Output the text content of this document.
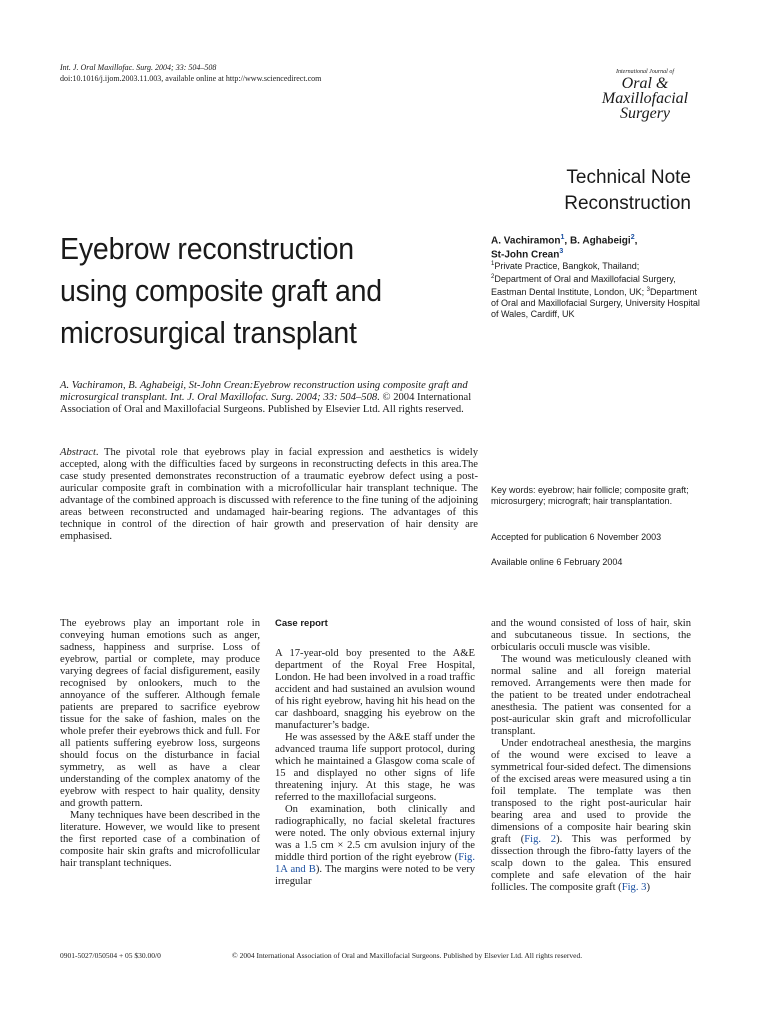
Int. J. Oral Maxillofac. Surg. 2004; 33: 504–508
doi:10.1016/j.ijom.2003.11.003, available online at http://www.sciencedirect.com
International Journal of
Oral &
Maxillofacial
Surgery
Technical Note
Reconstruction
Eyebrow reconstruction using composite graft and microsurgical transplant
A. Vachiramon$^1$, B. Aghabeigi$^2$,
St-John Crean$^3$
$^1$Private Practice, Bangkok, Thailand;
$^2$Department of Oral and Maxillofacial Surgery, Eastman Dental Institute, London, UK; $^3$Department of Oral and Maxillofacial Surgery, University Hospital of Wales, Cardiff, UK
A. Vachiramon, B. Aghabeigi, St-John Crean:Eyebrow reconstruction using composite graft and microsurgical transplant. Int. J. Oral Maxillofac. Surg. 2004; 33: 504–508. © 2004 International Association of Oral and Maxillofacial Surgeons. Published by Elsevier Ltd. All rights reserved.
Abstract. The pivotal role that eyebrows play in facial expression and aesthetics is widely accepted, along with the difficulties faced by surgeons in reconstructing defects in this area.The case study presented demonstrates reconstruction of a traumatic eyebrow defect using a post-auricular composite graft in combination with a microfollicular hair transplant technique. The advantage of the combined approach is discussed with reference to the fine tuning of the adjoining areas between reconstructed and undamaged hair-bearing regions. The advantages of this technique in control of the direction of hair growth and preservation of hair density are emphasised.
Key words: eyebrow; hair follicle; composite graft; microsurgery; micrograft; hair transplantation.
Accepted for publication 6 November 2003
Available online 6 February 2004

The eyebrows play an important role in conveying human emotions such as anger, sadness, happiness and surprise. Loss of eyebrow, partial or complete, may produce varying degrees of facial disfigurement, easily recognised by onlookers, much to the annoyance of the sufferer. Although female patients are prepared to sacrifice eyebrow tissue for the sake of fashion, males on the whole prefer their eyebrows thick and full. For all patients suffering eyebrow loss, surgeons should focus on the disturbance in facial symmetry, as well as have a clear understanding of the complex anatomy of the eyebrow with respect to hair quality, density and growth pattern.

Many techniques have been described in the literature. However, we would like to present the first reported case of a combination of composite hair skin grafts and microfollicular hair transplant techniques.

Case report

A 17-year-old boy presented to the A&E department of the Royal Free Hospital, London. He had been involved in a road traffic accident and had sustained an avulsion wound of his right eyebrow, having hit his head on the car dashboard, snagging his eyebrow on the manufacturer’s badge.

He was assessed by the A&E staff under the advanced trauma life support protocol, during which he maintained a Glasgow coma scale of 15 and displayed no other signs of life threatening injury. At this stage, he was referred to the maxillofacial surgeons.

On examination, both clinically and radiographically, no facial skeletal fractures were noted. The only obvious external injury was a 1.5 cm × 2.5 cm avulsion injury of the middle third portion of the right eyebrow (Fig. 1A and B). The margins were noted to be very irregular

and the wound consisted of loss of hair, skin and subcutaneous tissue. In sections, the orbicularis occuli muscle was visible.

The wound was meticulously cleaned with normal saline and all foreign material removed. Arrangements were then made for the patient to be treated under endotracheal anesthesia. The patient was consented for a post-auricular skin graft and microfollicular transplant.

Under endotracheal anesthesia, the margins of the wound were excised to leave a symmetrical four-sided defect. The dimensions of the excised areas were measured using a tin foil template. The template was then transposed to the right post-auricular hair bearing area and used to provide the dimensions of a composite hair bearing skin graft (Fig. 2). This was performed by dissection through the fibro-fatty layers of the scalp down to the galea. This ensured complete and safe elevation of the hair follicles. The composite graft (Fig. 3)

0901-5027/050504 + 05 $30.00/0	© 2004 International Association of Oral and Maxillofacial Surgeons. Published by Elsevier Ltd. All rights reserved.
